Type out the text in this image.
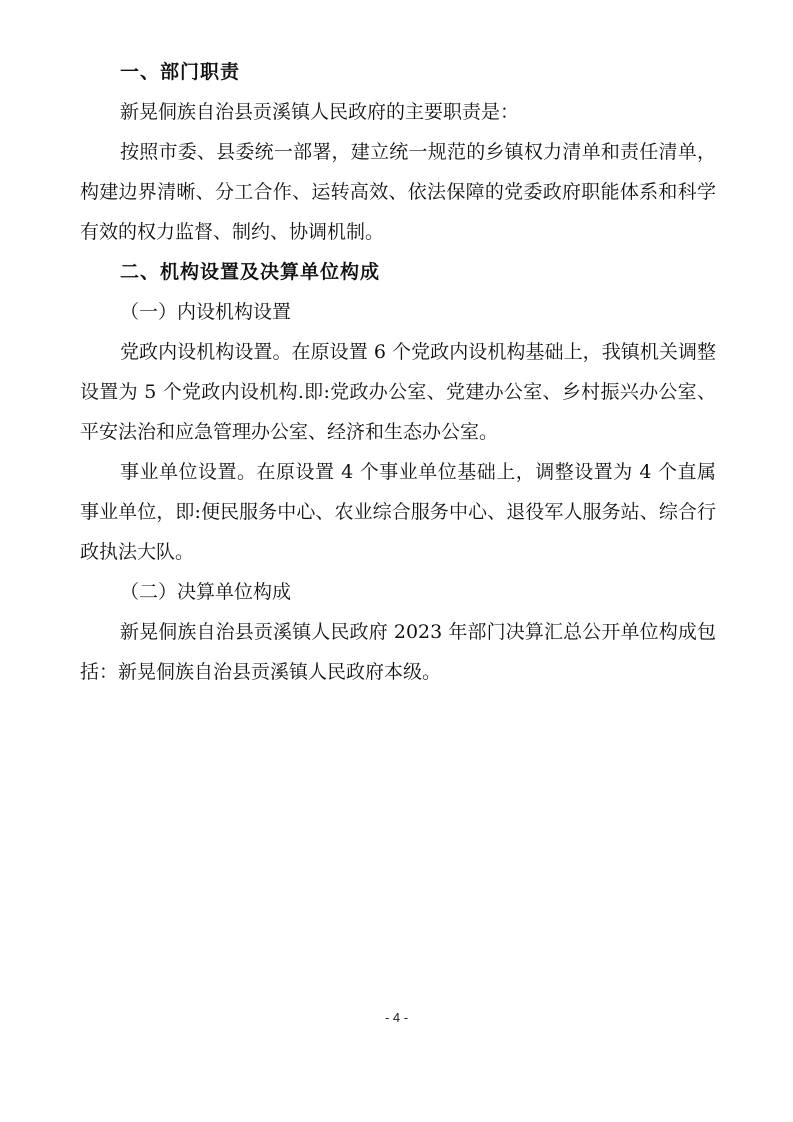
一、部门职责
新晃侗族自治县贡溪镇人民政府的主要职责是：
按照市委、县委统一部署，建立统一规范的乡镇权力清单和责任清单，构建边界清晰、分工合作、运转高效、依法保障的党委政府职能体系和科学有效的权力监督、制约、协调机制。
二、机构设置及决算单位构成
（一）内设机构设置
党政内设机构设置。在原设置 6 个党政内设机构基础上，我镇机关调整设置为 5 个党政内设机构.即:党政办公室、党建办公室、乡村振兴办公室、平安法治和应急管理办公室、经济和生态办公室。
事业单位设置。在原设置 4 个事业单位基础上，调整设置为 4 个直属事业单位，即:便民服务中心、农业综合服务中心、退役军人服务站、综合行政执法大队。
（二）决算单位构成
新晃侗族自治县贡溪镇人民政府 2023 年部门决算汇总公开单位构成包括：新晃侗族自治县贡溪镇人民政府本级。
- 4 -
